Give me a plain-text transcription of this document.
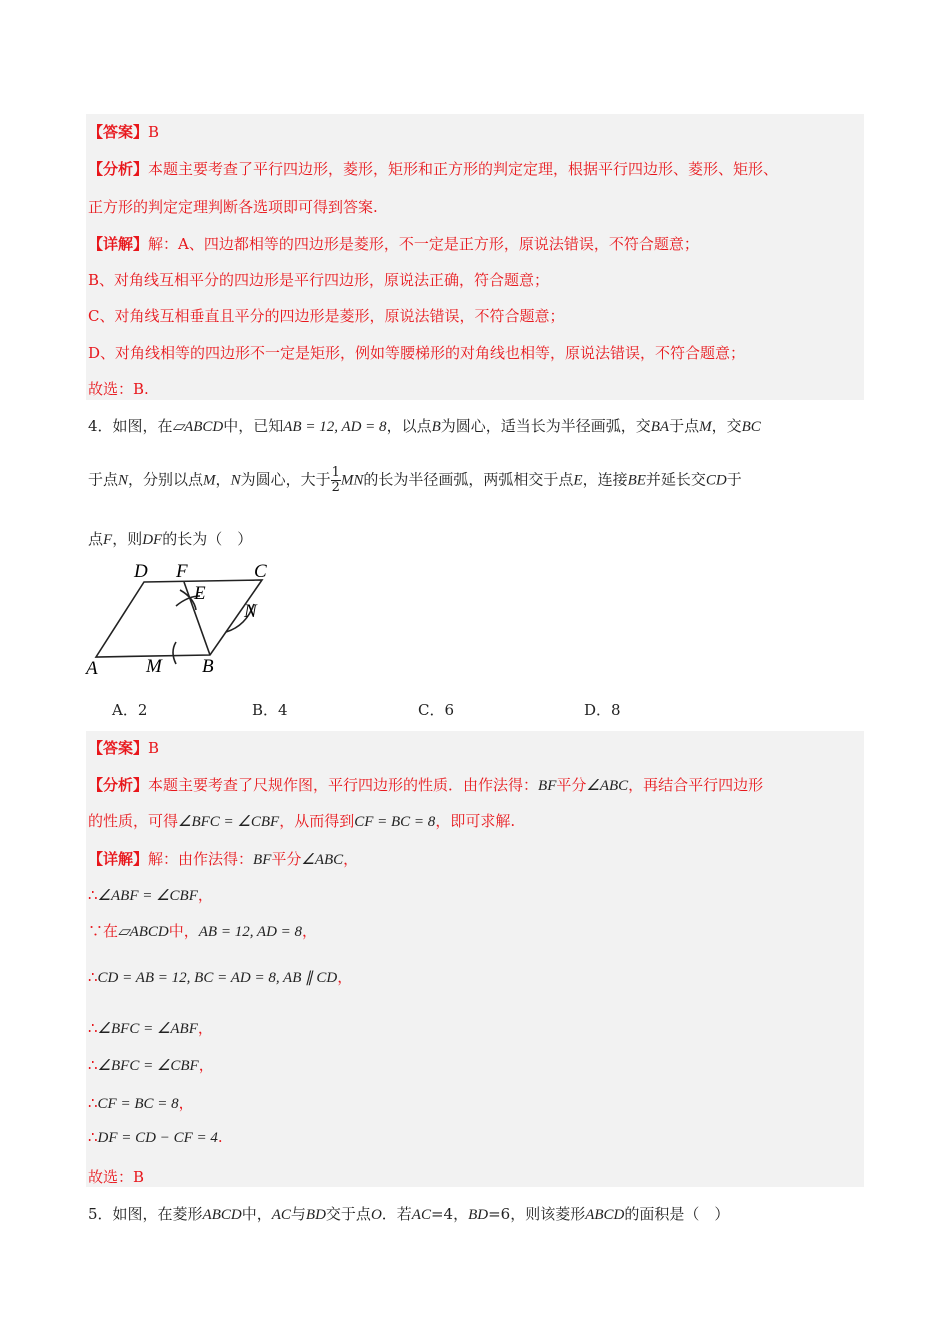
【答案】B
【分析】本题主要考查了平行四边形，菱形，矩形和正方形的判定定理，根据平行四边形、菱形、矩形、
正方形的判定定理判断各选项即可得到答案.
【详解】解：A、四边都相等的四边形是菱形，不一定是正方形，原说法错误，不符合题意；
B、对角线互相平分的四边形是平行四边形，原说法正确，符合题意；
C、对角线互相垂直且平分的四边形是菱形，原说法错误，不符合题意；
D、对角线相等的四边形不一定是矩形，例如等腰梯形的对角线也相等，原说法错误，不符合题意；
故选：B.
4．如图，在▱ABCD中，已知AB = 12, AD = 8，以点B为圆心，适当长为半径画弧，交BA于点M，交BC
于点N，分别以点M，N为圆心，大于 $\frac{1}{2}$ MN的长为半径画弧，两弧相交于点E，连接BE并延长交CD于
点F，则DF的长为（　）
D F	C
E
N
A	M B
A．2	B．4	C．6	D．8
【答案】B
【分析】本题主要考查了尺规作图，平行四边形的性质．由作法得：BF平分∠ABC，再结合平行四边形
的性质，可得∠BFC = ∠CBF，从而得到CF = BC = 8，即可求解.
【详解】解：由作法得：BF平分∠ABC，
∴∠ABF = ∠CBF，
∵在▱ABCD中，AB = 12, AD = 8，
∴CD = AB = 12, BC = AD = 8, AB ∥ CD，
∴∠BFC = ∠ABF，
∴∠BFC = ∠CBF，
∴CF = BC = 8，
∴DF = CD − CF = 4.
故选：B
5．如图，在菱形ABCD中，AC与BD交于点O．若AC=4，BD=6，则该菱形ABCD的面积是（　）
